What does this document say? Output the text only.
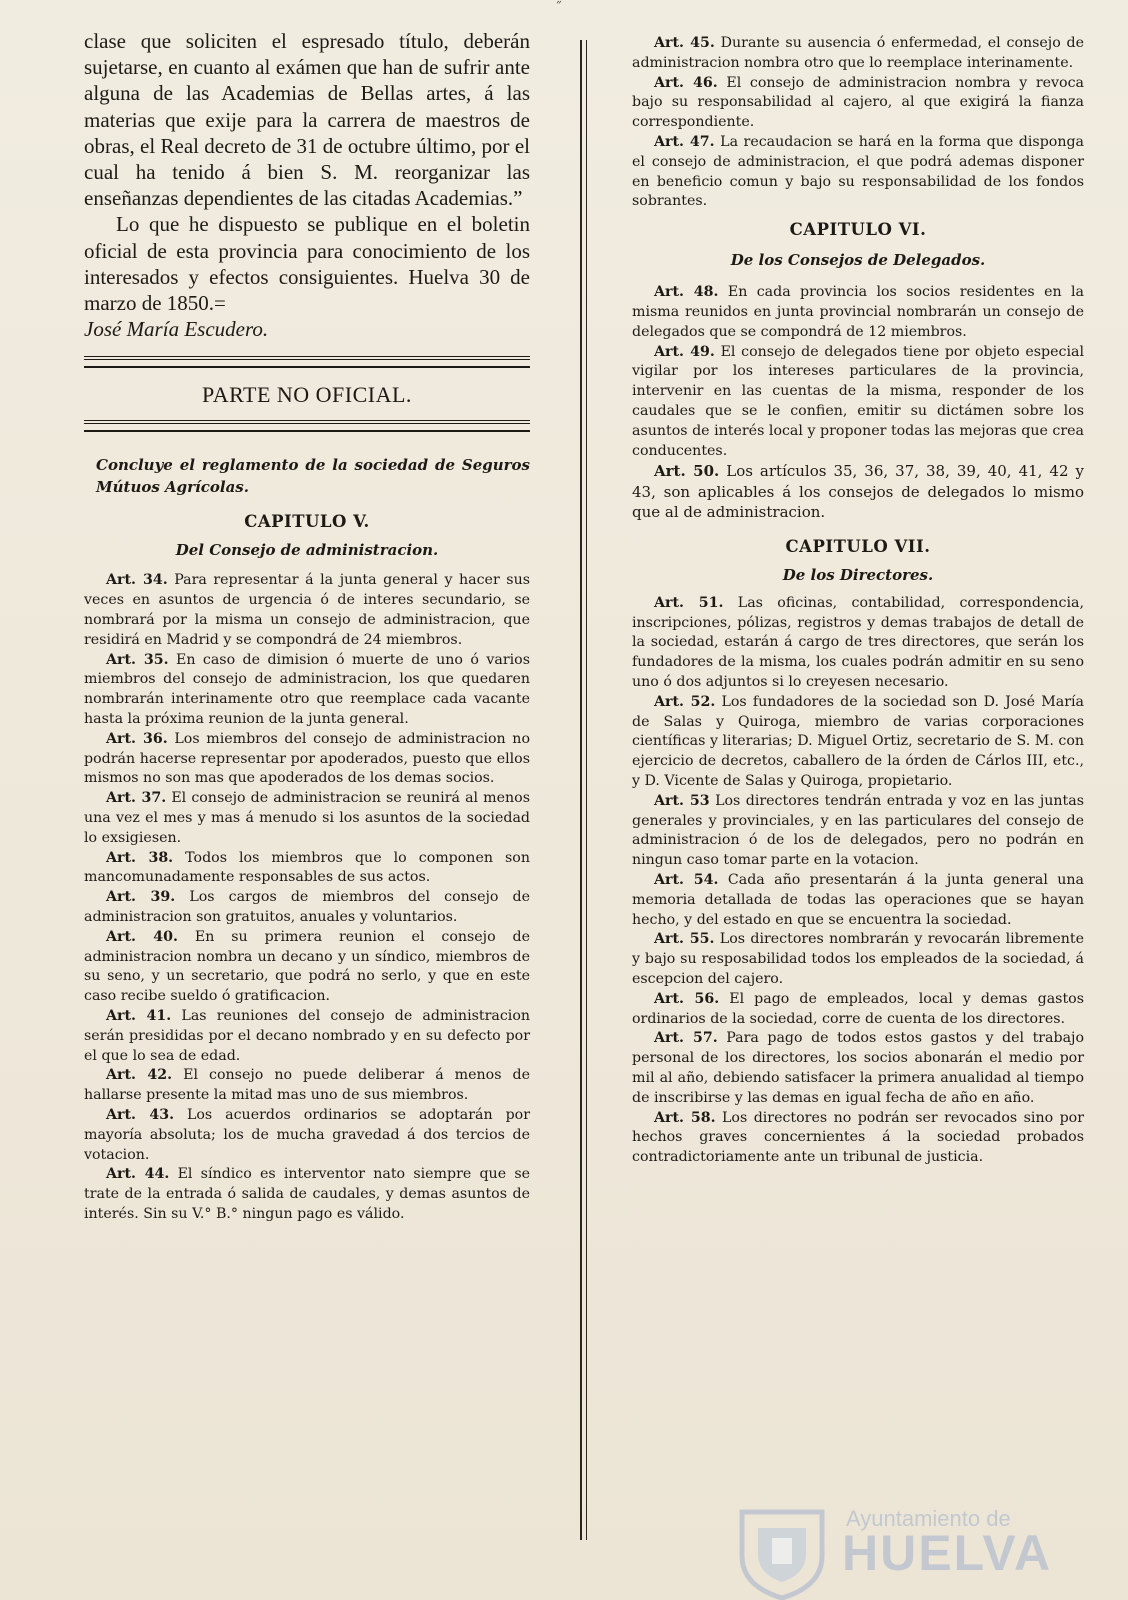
˝

clase que soliciten el espresado título, deberán sujetarse, en cuanto al exámen que han de sufrir ante alguna de las Academias de Bellas artes, á las materias que exije para la carrera de maestros de obras, el Real decreto de 31 de octubre último, por el cual ha tenido á bien S. M. reorganizar las enseñanzas dependientes de las citadas Academias.”

Lo que he dispuesto se publique en el boletin oficial de esta provincia para conocimiento de los interesados y efectos consiguientes. Huelva 30 de marzo de 1850.=
José María Escudero.

PARTE NO OFICIAL.

Concluye el reglamento de la sociedad de Seguros Mútuos Agrícolas.

CAPITULO V.
Del Consejo de administracion.

Art. 34. Para representar á la junta general y hacer sus veces en asuntos de urgencia ó de interes secundario, se nombrará por la misma un consejo de administracion, que residirá en Madrid y se compondrá de 24 miembros.

Art. 35. En caso de dimision ó muerte de uno ó varios miembros del consejo de administracion, los que quedaren nombrarán interinamente otro que reemplace cada vacante hasta la próxima reunion de la junta general.

Art. 36. Los miembros del consejo de administracion no podrán hacerse representar por apoderados, puesto que ellos mismos no son mas que apoderados de los demas socios.

Art. 37. El consejo de administracion se reunirá al menos una vez el mes y mas á menudo si los asuntos de la sociedad lo exsigiesen.

Art. 38. Todos los miembros que lo componen son mancomunadamente responsables de sus actos.

Art. 39. Los cargos de miembros del consejo de administracion son gratuitos, anuales y voluntarios.

Art. 40. En su primera reunion el consejo de administracion nombra un decano y un síndico, miembros de su seno, y un secretario, que podrá no serlo, y que en este caso recibe sueldo ó gratificacion.

Art. 41. Las reuniones del consejo de administracion serán presididas por el decano nombrado y en su defecto por el que lo sea de edad.

Art. 42. El consejo no puede deliberar á menos de hallarse presente la mitad mas uno de sus miembros.

Art. 43. Los acuerdos ordinarios se adoptarán por mayoría absoluta; los de mucha gravedad á dos tercios de votacion.

Art. 44. El síndico es interventor nato siempre que se trate de la entrada ó salida de caudales, y demas asuntos de interés. Sin su V.° B.° ningun pago es válido.

Art. 45. Durante su ausencia ó enfermedad, el consejo de administracion nombra otro que lo reemplace interinamente.

Art. 46. El consejo de administracion nombra y revoca bajo su responsabilidad al cajero, al que exigirá la fianza correspondiente.

Art. 47. La recaudacion se hará en la forma que disponga el consejo de administracion, el que podrá ademas disponer en beneficio comun y bajo su responsabilidad de los fondos sobrantes.

CAPITULO VI.
De los Consejos de Delegados.

Art. 48. En cada provincia los socios residentes en la misma reunidos en junta provincial nombrarán un consejo de delegados que se compondrá de 12 miembros.

Art. 49. El consejo de delegados tiene por objeto especial vigilar por los intereses particulares de la provincia, intervenir en las cuentas de la misma, responder de los caudales que se le confien, emitir su dictámen sobre los asuntos de interés local y proponer todas las mejoras que crea conducentes.

Art. 50. Los artículos 35, 36, 37, 38, 39, 40, 41, 42 y 43, son aplicables á los consejos de delegados lo mismo que al de administracion.

CAPITULO VII.
De los Directores.

Art. 51. Las oficinas, contabilidad, correspondencia, inscripciones, pólizas, registros y demas trabajos de detall de la sociedad, estarán á cargo de tres directores, que serán los fundadores de la misma, los cuales podrán admitir en su seno uno ó dos adjuntos si lo creyesen necesario.

Art. 52. Los fundadores de la sociedad son D. José María de Salas y Quiroga, miembro de varias corporaciones científicas y literarias; D. Miguel Ortiz, secretario de S. M. con ejercicio de decretos, caballero de la órden de Cárlos III, etc., y D. Vicente de Salas y Quiroga, propietario.

Art. 53 Los directores tendrán entrada y voz en las juntas generales y provinciales, y en las particulares del consejo de administracion ó de los de delegados, pero no podrán en ningun caso tomar parte en la votacion.

Art. 54. Cada año presentarán á la junta general una memoria detallada de todas las operaciones que se hayan hecho, y del estado en que se encuentra la sociedad.

Art. 55. Los directores nombrarán y revocarán libremente y bajo su resposabilidad todos los empleados de la sociedad, á escepcion del cajero.

Art. 56. El pago de empleados, local y demas gastos ordinarios de la sociedad, corre de cuenta de los directores.

Art. 57. Para pago de todos estos gastos y del trabajo personal de los directores, los socios abonarán el medio por mil al año, debiendo satisfacer la primera anualidad al tiempo de inscribirse y las demas en igual fecha de año en año.

Art. 58. Los directores no podrán ser revocados sino por hechos graves concernientes á la sociedad probados contradictoriamente ante un tribunal de justicia.

Ayuntamiento de
HUELVA
